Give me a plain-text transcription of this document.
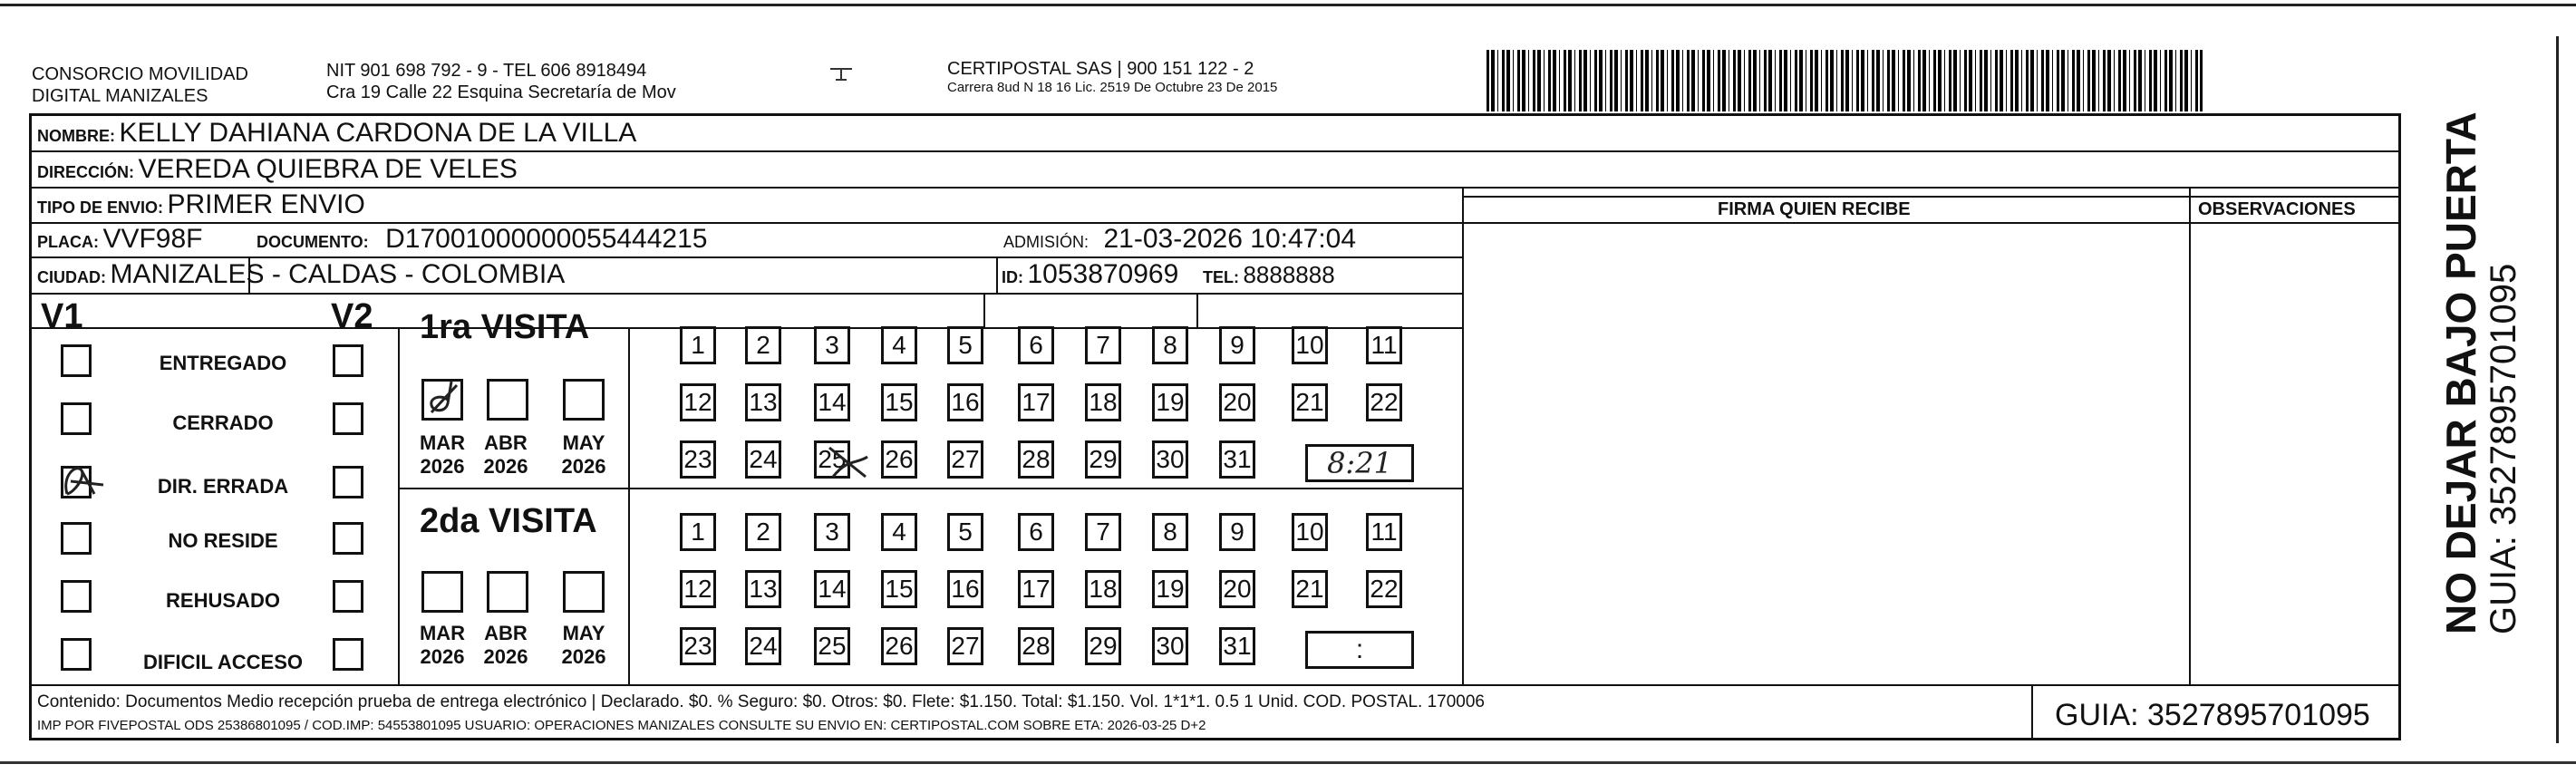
CONSORCIO MOVILIDAD
DIGITAL MANIZALES
NIT 901 698 792 - 9 - TEL 606 8918494
Cra 19 Calle 22 Esquina Secretaría de Mov
CERTIPOSTAL SAS | 900 151 122 - 2
Carrera 8ud N 18 16 Lic. 2519 De Octubre 23 De 2015
NOMBRE: KELLY DAHIANA CARDONA DE LA VILLA
DIRECCIÓN: VEREDA QUIEBRA DE VELES
TIPO DE ENVIO: PRIMER ENVIO
PLACA: VVF98F	DOCUMENTO: D17001000000055444215	ADMISIÓN: 21-03-2026 10:47:04
CIUDAD: MANIZALES - CALDAS - COLOMBIA	ID: 1053870969 TEL: 8888888
FIRMA QUIEN RECIBE	OBSERVACIONES
V1	V2
ENTREGADO
CERRADO
DIR. ERRADA
NO RESIDE
REHUSADO
DIFICIL ACCESO
1ra VISITA
MAR
2026
ABR
2026
MAY
2026
1	2	3	4	5	6	7	8	9	10 11
12 13 14 15 16 17 18 19 20 21 22
23 24 25 26 27 28 29 30 31	8:21
2da VISITA
MAR
2026
ABR
2026
MAY
2026
1	2	3	4	5	6	7	8	9	10 11
12 13 14 15 16 17 18 19 20 21 22
23 24 25 26 27 28 29 30 31	:
Contenido: Documentos Medio recepción prueba de entrega electrónico | Declarado. $0. % Seguro: $0. Otros: $0. Flete: $1.150. Total: $1.150. Vol. 1*1*1. 0.5 1 Unid. COD. POSTAL. 170006
IMP POR FIVEPOSTAL ODS 25386801095 / COD.IMP: 54553801095 USUARIO: OPERACIONES MANIZALES CONSULTE SU ENVIO EN: CERTIPOSTAL.COM SOBRE ETA: 2026-03-25 D+2	GUIA: 3527895701095
NO DEJAR BAJO PUERTA GUIA: 3527895701095
